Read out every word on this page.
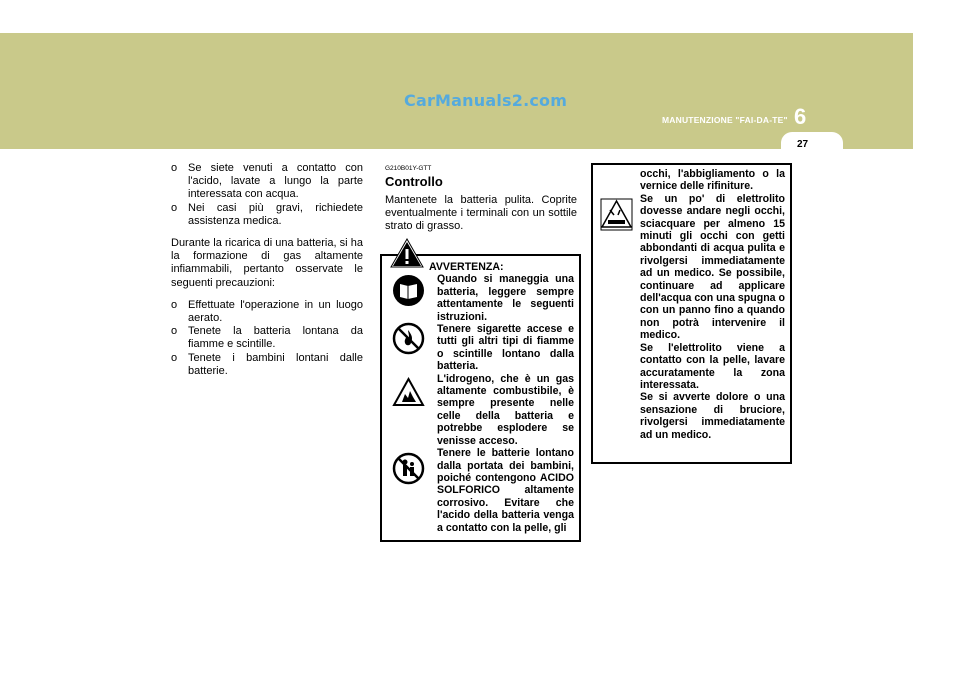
CarManuals2.com
MANUTENZIONE "FAI-DA-TE" 6
27
o Se siete venuti a contatto con l'acido, lavate a lungo la parte interessata con acqua.
o Nei casi più gravi, richiedete assistenza medica.
Durante la ricarica di una batteria, si ha la formazione di gas altamente infiammabili, pertanto osservate le seguenti precauzioni:
o Effettuate l'operazione in un luogo aerato.
o Tenete la batteria lontana da fiamme e scintille.
o Tenete i bambini lontani dalle batterie.
G210B01Y-GTT
Controllo
Mantenete la batteria pulita. Coprite eventualmente i terminali con un sottile strato di grasso.
AVVERTENZA:
Quando si maneggia una batteria, leggere sempre attentamente le seguenti istruzioni.
Tenere sigarette accese e tutti gli altri tipi di fiamme o scintille lontano dalla batteria.
L'idrogeno, che è un gas altamente combustibile, è sempre presente nelle celle della batteria e potrebbe esplodere se venisse acceso.
Tenere le batterie lontano dalla portata dei bambini, poiché contengono ACIDO SOLFORICO altamente corrosivo. Evitare che l'acido della batteria venga a contatto con la pelle, gli
occhi, l'abbigliamento o la vernice delle rifiniture.
Se un po' di elettrolito dovesse andare negli occhi, sciacquare per almeno 15 minuti gli occhi con getti abbondanti di acqua pulita e rivolgersi immediatamente ad un medico. Se possibile, continuare ad applicare dell'acqua con una spugna o con un panno fino a quando non potrà intervenire il medico.
Se l'elettrolito viene a contatto con la pelle, lavare accuratamente la zona interessata.
Se si avverte dolore o una sensazione di bruciore, rivolgersi immediatamente ad un medico.
